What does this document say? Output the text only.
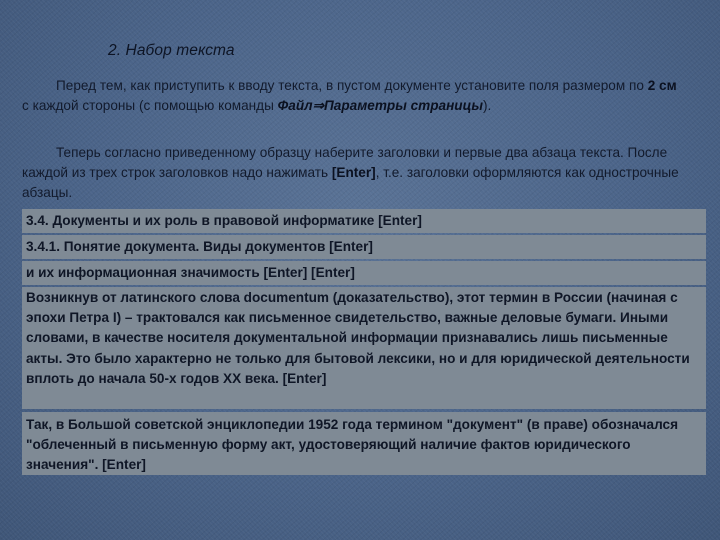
2. Набор текста

Перед тем, как приступить к вводу текста, в пустом документе установите поля размером по 2 см с каждой стороны (с помощью команды Файл⇒Параметры страницы).

Теперь согласно приведенному образцу наберите заголовки и первые два абзаца текста. После каждой из трех строк заголовков надо нажимать [Enter], т.е. заголовки оформляются как однострочные абзацы.

3.4. Документы и их роль в правовой информатике [Enter]
3.4.1. Понятие документа. Виды документов [Enter]
и их информационная значимость [Enter] [Enter]
Возникнув от латинского слова documentum (доказательство), этот термин в России (начиная с эпохи Петра I) – трактовался как письменное свидетельство, важные деловые бумаги. Иными словами, в качестве носителя документальной информации признавались лишь письменные акты. Это было характерно не только для бытовой лексики, но и для юридической деятельности вплоть до начала 50-х годов XX века. [Enter]
Так, в Большой советской энциклопедии 1952 года термином "документ" (в праве) обозначался "облеченный в письменную форму акт, удостоверяющий наличие фактов юридического значения". [Enter]
